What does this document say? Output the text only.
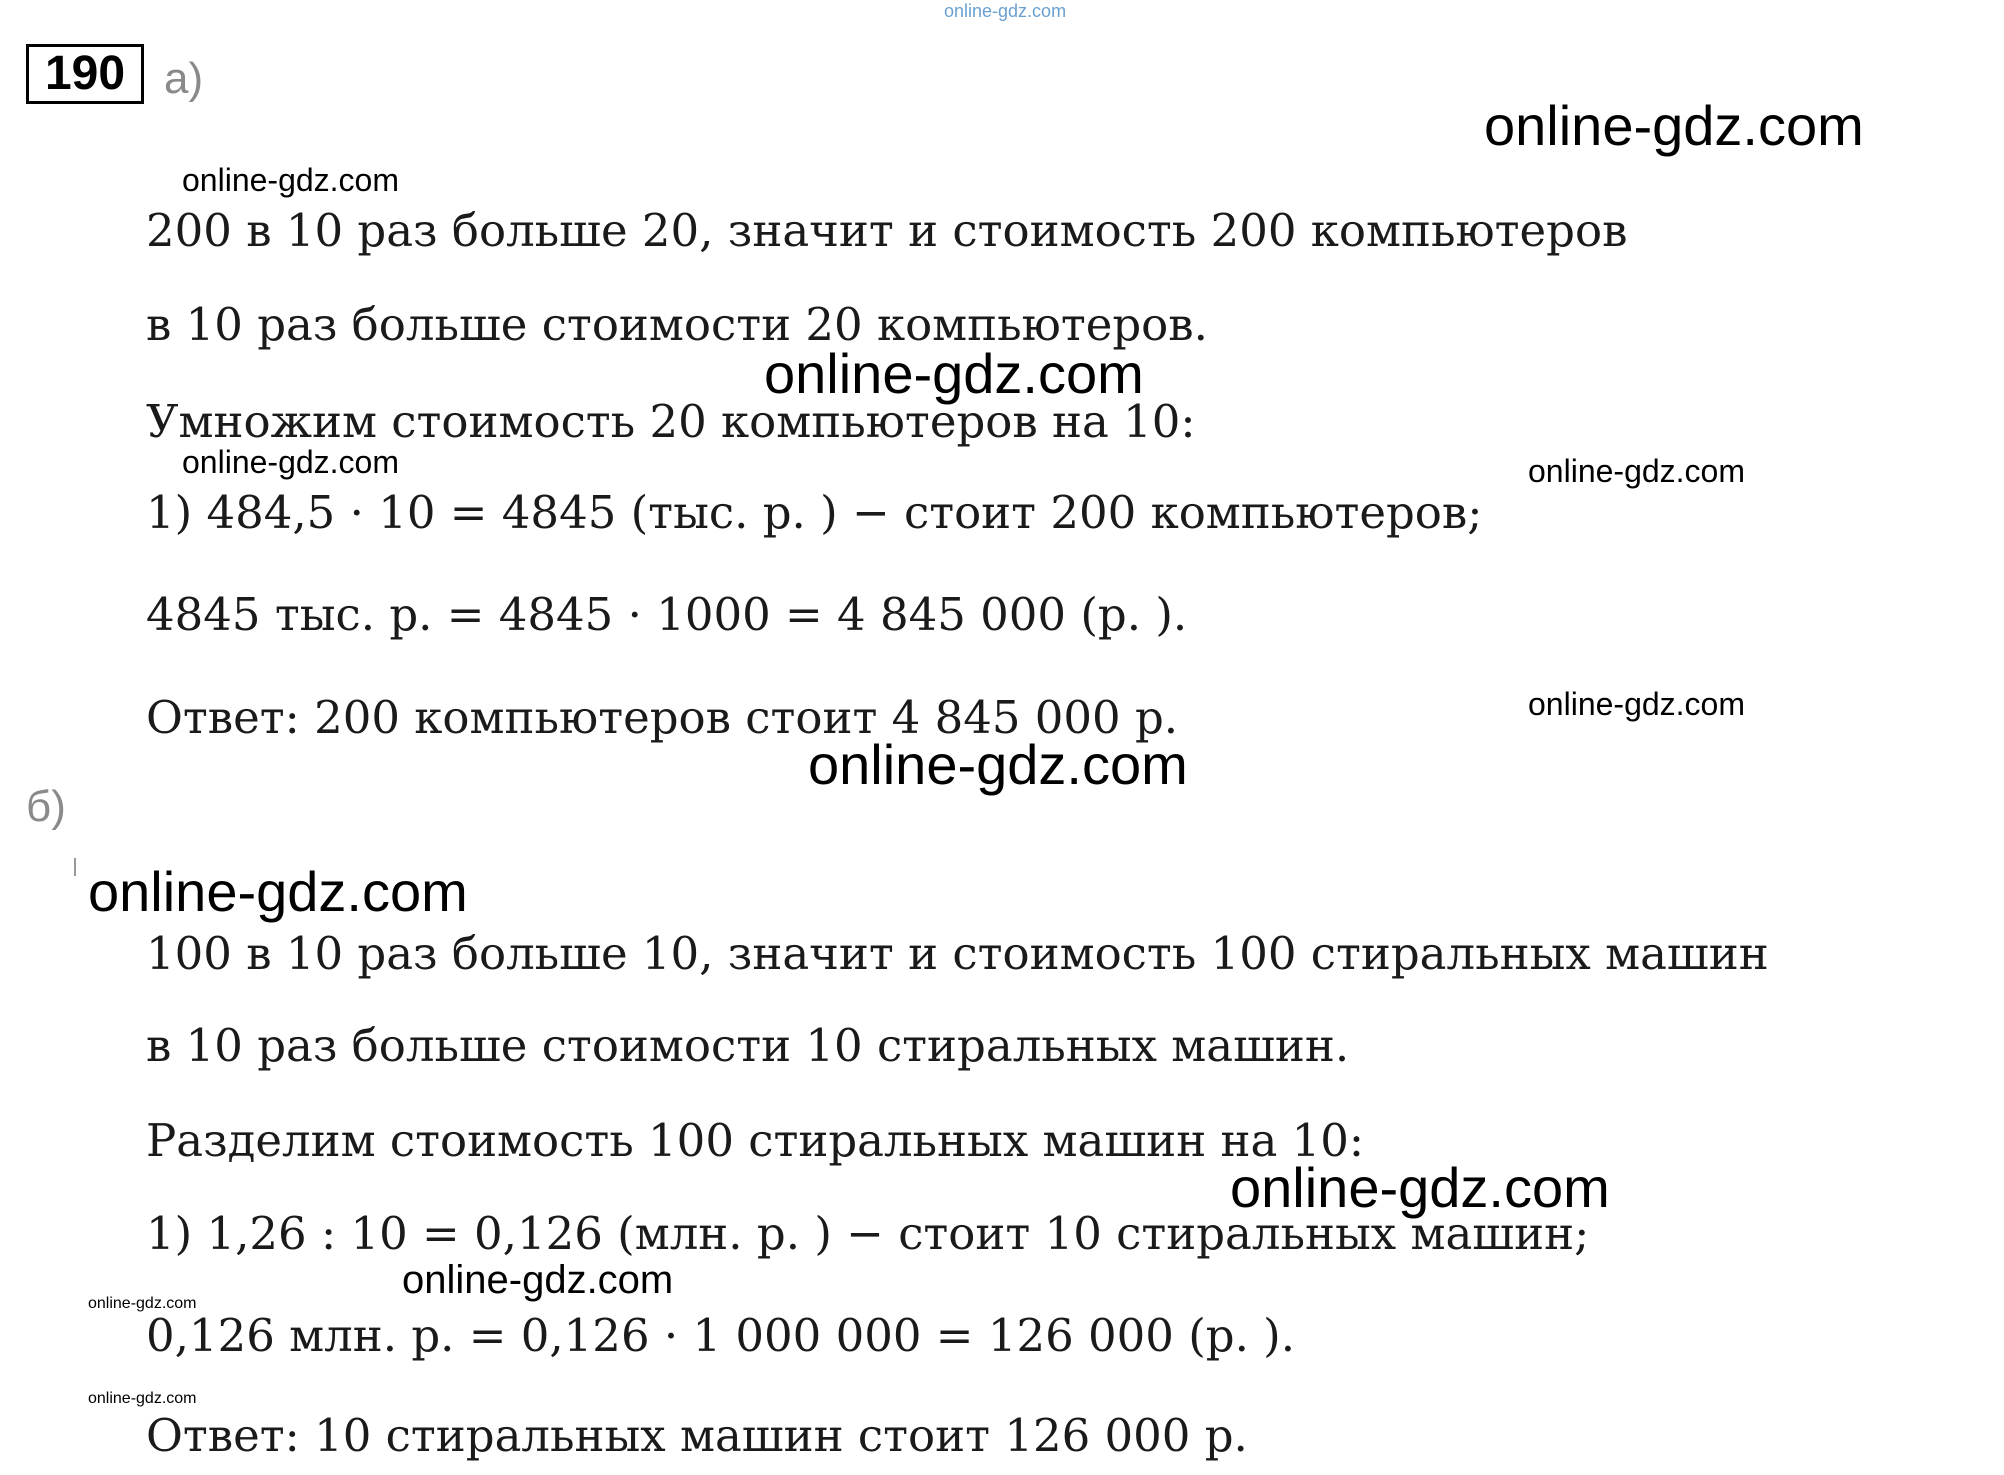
190 а)
200 в 10 раз больше 20, значит и стоимость 200 компьютеров
в 10 раз больше стоимости 20 компьютеров.
Умножим стоимость 20 компьютеров на 10:
1) 484,5 · 10 = 4845 (тыс. р. ) − стоит 200 компьютеров;
4845 тыс. р. = 4845 · 1000 = 4 845 000 (р. ).
Ответ: 200 компьютеров стоит 4 845 000 р.
б)
100 в 10 раз больше 10, значит и стоимость 100 стиральных машин
в 10 раз больше стоимости 10 стиральных машин.
Разделим стоимость 100 стиральных машин на 10:
1) 1,26 : 10 = 0,126 (млн. р. ) − стоит 10 стиральных машин;
0,126 млн. р. = 0,126 · 1 000 000 = 126 000 (р. ).
Ответ: 10 стиральных машин стоит 126 000 р.
online-gdz.com
online-gdz.com
online-gdz.com
online-gdz.com
online-gdz.com	online-gdz.com
online-gdz.com
online-gdz.com
online-gdz.com
online-gdz.com
online-gdz.com
online-gdz.com
online-gdz.com
